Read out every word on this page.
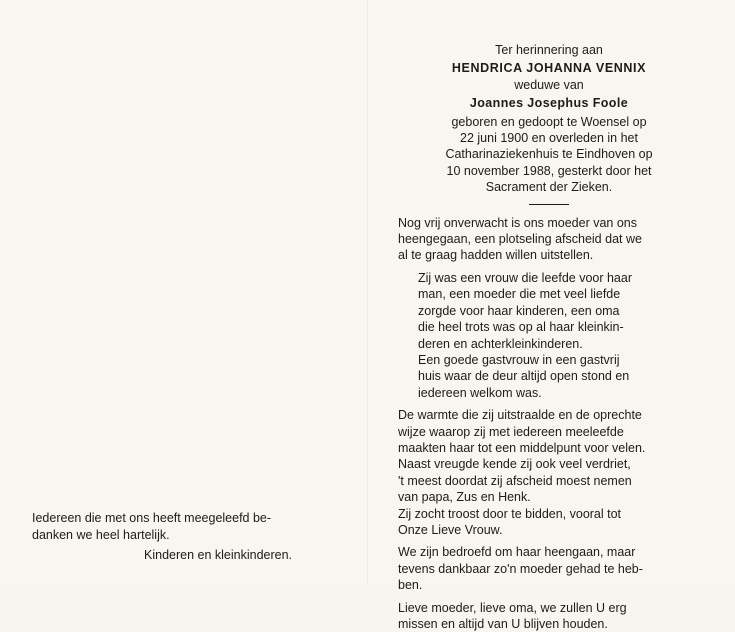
Iedereen die met ons heeft meegeleefd be-
danken we heel hartelijk.
Kinderen en kleinkinderen.
Ter herinnering aan
HENDRICA JOHANNA VENNIX
weduwe van
Joannes Josephus Foole
geboren en gedoopt te Woensel op
22 juni 1900 en overleden in het
Catharinaziekenhuis te Eindhoven op
10 november 1988, gesterkt door het
Sacrament der Zieken.
Nog vrij onverwacht is ons moeder van ons
heengegaan, een plotseling afscheid dat we
al te graag hadden willen uitstellen.
Zij was een vrouw die leefde voor haar
man, een moeder die met veel liefde
zorgde voor haar kinderen, een oma
die heel trots was op al haar kleinkin-
deren en achterkleinkinderen.
Een goede gastvrouw in een gastvrij
huis waar de deur altijd open stond en
iedereen welkom was.
De warmte die zij uitstraalde en de oprechte
wijze waarop zij met iedereen meeleefde
maakten haar tot een middelpunt voor velen.
Naast vreugde kende zij ook veel verdriet,
't meest doordat zij afscheid moest nemen
van papa, Zus en Henk.
Zij zocht troost door te bidden, vooral tot
Onze Lieve Vrouw.
We zijn bedroefd om haar heengaan, maar
tevens dankbaar zo'n moeder gehad te heb-
ben.
Lieve moeder, lieve oma, we zullen U erg
missen en altijd van U blijven houden.
